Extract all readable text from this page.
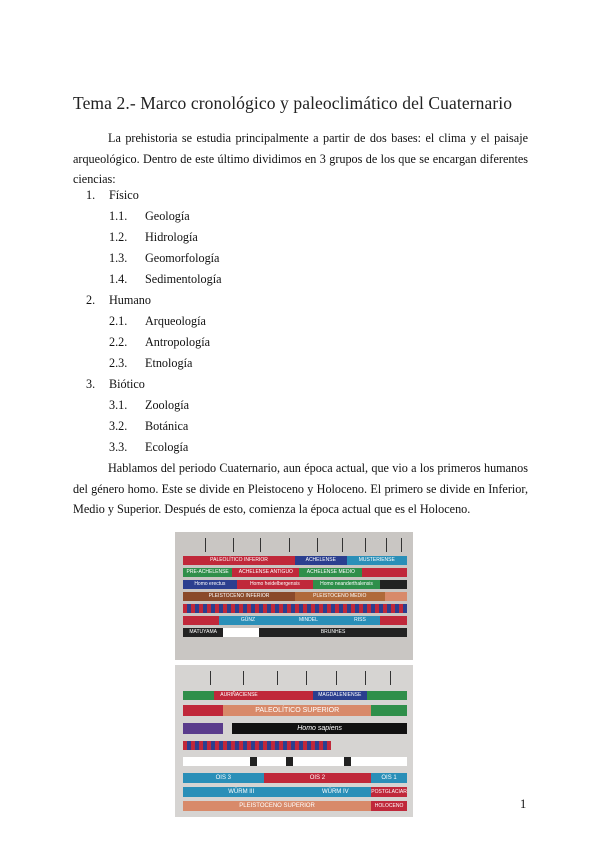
Tema 2.- Marco cronológico y paleoclimático del Cuaternario
La prehistoria se estudia principalmente a partir de dos bases: el clima y el paisaje arqueológico. Dentro de este último dividimos en 3 grupos de los que se encargan diferentes ciencias:
1. Físico
1.1. Geología
1.2. Hidrología
1.3. Geomorfología
1.4. Sedimentología
2. Humano
2.1. Arqueología
2.2. Antropología
2.3. Etnología
3. Biótico
3.1. Zoología
3.2. Botánica
3.3. Ecología
Hablamos del periodo Cuaternario, aun época actual, que vio a los primeros humanos del género homo. Este se divide en Pleistoceno y Holoceno. El primero se divide en Inferior, Medio y Superior. Después de esto, comienza la época actual que es el Holoceno.
PALEOLÍTICO INFERIOR	ACHELENSE	MUSTERIENSE
PRE-ACHELENSE	ACHELENSE ANTIGUO	ACHELENSE MEDIO
Homo erectus	Homo heidelbergensis	Homo neanderthalensis
PLEISTOCENO INFERIOR	PLEISTOCENO MEDIO
GÜNZ	MINDEL	RISS
MATUYAMA	BRUNHES
AURIÑACIENSE	MAGDALENIENSE
PALEOLÍTICO SUPERIOR
Homo sapiens
OIS 3	OIS 2	OIS 1
WÜRM III	WÜRM IV	POSTGLACIAR
PLEISTOCENO SUPERIOR	HOLOCENO	1
